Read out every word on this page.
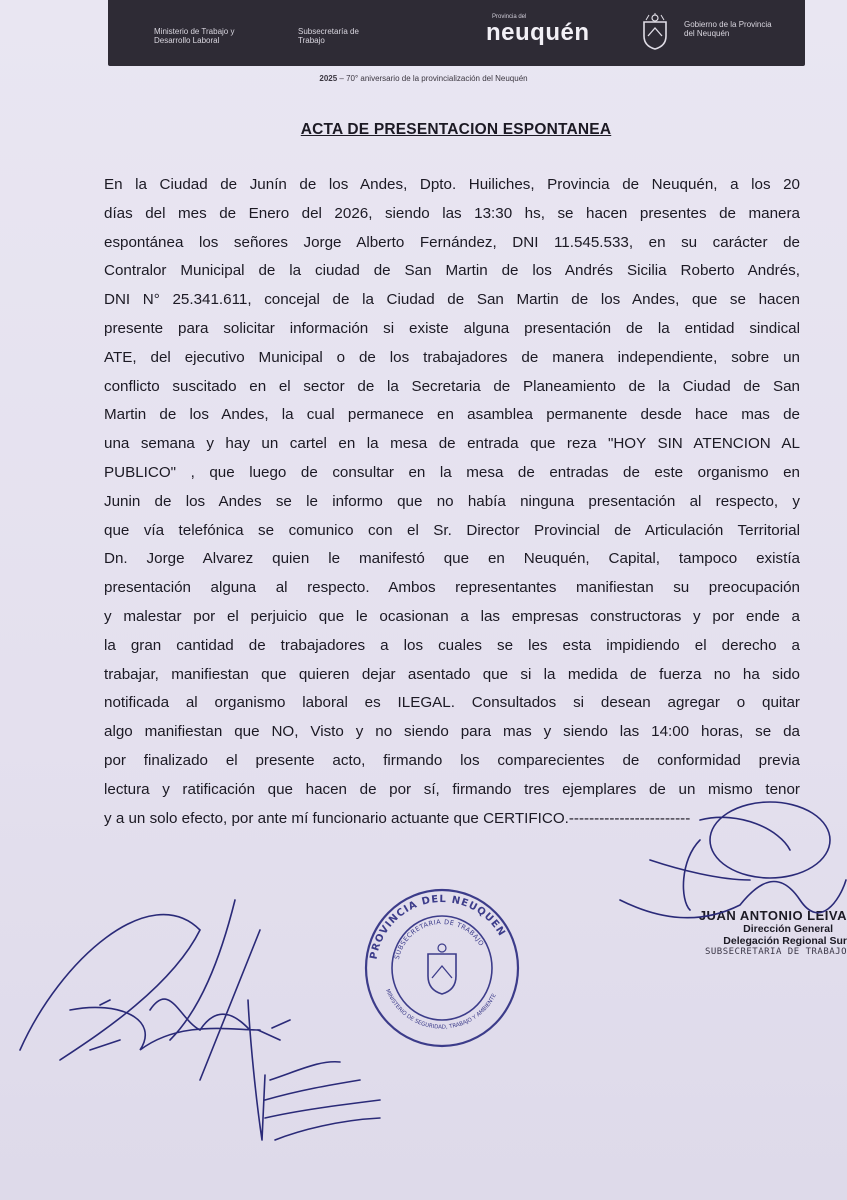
Ministerio de Trabajo y Desarrollo Laboral
Subsecretaría de Trabajo
Provincia del
neuquén	Gobierno de la Provincia del Neuquén
2025 – 70° aniversario de la provincialización del Neuquén
ACTA DE PRESENTACION ESPONTANEA
En la Ciudad de Junín de los Andes, Dpto. Huiliches, Provincia de Neuquén, a los 20
días del mes de Enero del 2026, siendo las 13:30 hs, se hacen presentes de manera
espontánea los señores Jorge Alberto Fernández, DNI 11.545.533, en su carácter de
Contralor Municipal de la ciudad de San Martin de los Andrés Sicilia Roberto Andrés,
DNI N° 25.341.611, concejal de la Ciudad de San Martin de los Andes, que se hacen
presente para solicitar información si existe alguna presentación de la entidad sindical
ATE, del ejecutivo Municipal o de los trabajadores de manera independiente, sobre un
conflicto suscitado en el sector de la Secretaria de Planeamiento de la Ciudad de San
Martin de los Andes, la cual permanece en asamblea permanente desde hace mas de
una semana y hay un cartel en la mesa de entrada que reza "HOY SIN ATENCION AL
PUBLICO" , que luego de consultar en la mesa de entradas de este organismo en
Junin de los Andes se le informo que no había ninguna presentación al respecto, y
que vía telefónica se comunico con el Sr. Director Provincial de Articulación Territorial
Dn. Jorge Alvarez quien le manifestó que en Neuquén, Capital, tampoco existía
presentación alguna al respecto. Ambos representantes manifiestan su preocupación
y malestar por el perjuicio que le ocasionan a las empresas constructoras y por ende a
la gran cantidad de trabajadores a los cuales se les esta impidiendo el derecho a
trabajar, manifiestan que quieren dejar asentado que si la medida de fuerza no ha sido
notificada al organismo laboral es ILEGAL. Consultados si desean agregar o quitar
algo manifiestan que NO, Visto y no siendo para mas y siendo las 14:00 horas, se da
por finalizado el presente acto, firmando los comparecientes de conformidad previa
lectura y ratificación que hacen de por sí, firmando tres ejemplares de un mismo tenor
y a un solo efecto, por ante mí funcionario actuante que CERTIFICO.------------------------
PROVINCIA DEL NEUQUEN
SUBSECRETARIA DE TRABAJO
MINISTERIO DE SEGURIDAD, TRABAJO Y AMBIENTE
JUAN ANTONIO LEIVA
Dirección General
Delegación Regional Sur
SUBSECRETARIA DE TRABAJO
